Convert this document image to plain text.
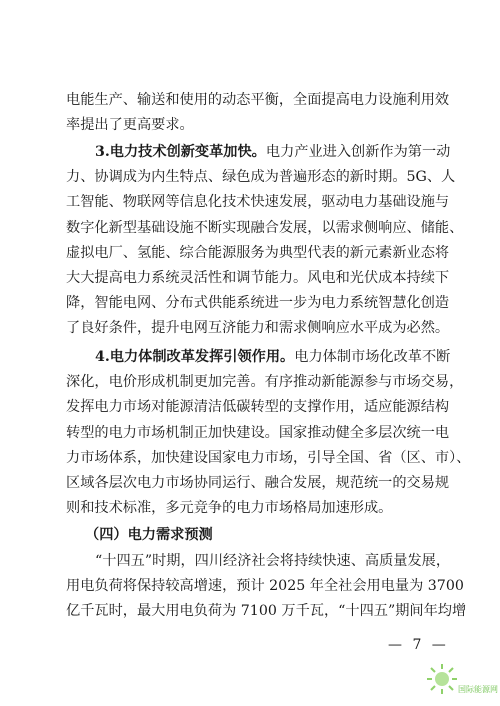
电能生产、输送和使用的动态平衡，全面提高电力设施利用效
率提出了更高要求。
3.电力技术创新变革加快。电力产业进入创新作为第一动
力、协调成为内生特点、绿色成为普遍形态的新时期。5G、人
工智能、物联网等信息化技术快速发展，驱动电力基础设施与
数字化新型基础设施不断实现融合发展，以需求侧响应、储能、
虚拟电厂、氢能、综合能源服务为典型代表的新元素新业态将
大大提高电力系统灵活性和调节能力。风电和光伏成本持续下
降，智能电网、分布式供能系统进一步为电力系统智慧化创造
了良好条件，提升电网互济能力和需求侧响应水平成为必然。
4.电力体制改革发挥引领作用。电力体制市场化改革不断
深化，电价形成机制更加完善。有序推动新能源参与市场交易，
发挥电力市场对能源清洁低碳转型的支撑作用，适应能源结构
转型的电力市场机制正加快建设。国家推动健全多层次统一电
力市场体系，加快建设国家电力市场，引导全国、省（区、市）、
区域各层次电力市场协同运行、融合发展，规范统一的交易规
则和技术标准，多元竞争的电力市场格局加速形成。
（四）电力需求预测
“十四五”时期，四川经济社会将持续快速、高质量发展，
用电负荷将保持较高增速，预计 2025 年全社会用电量为 3700
亿千瓦时，最大用电负荷为 7100 万千瓦，“十四五”期间年均增
— 7 —
国际能源网
